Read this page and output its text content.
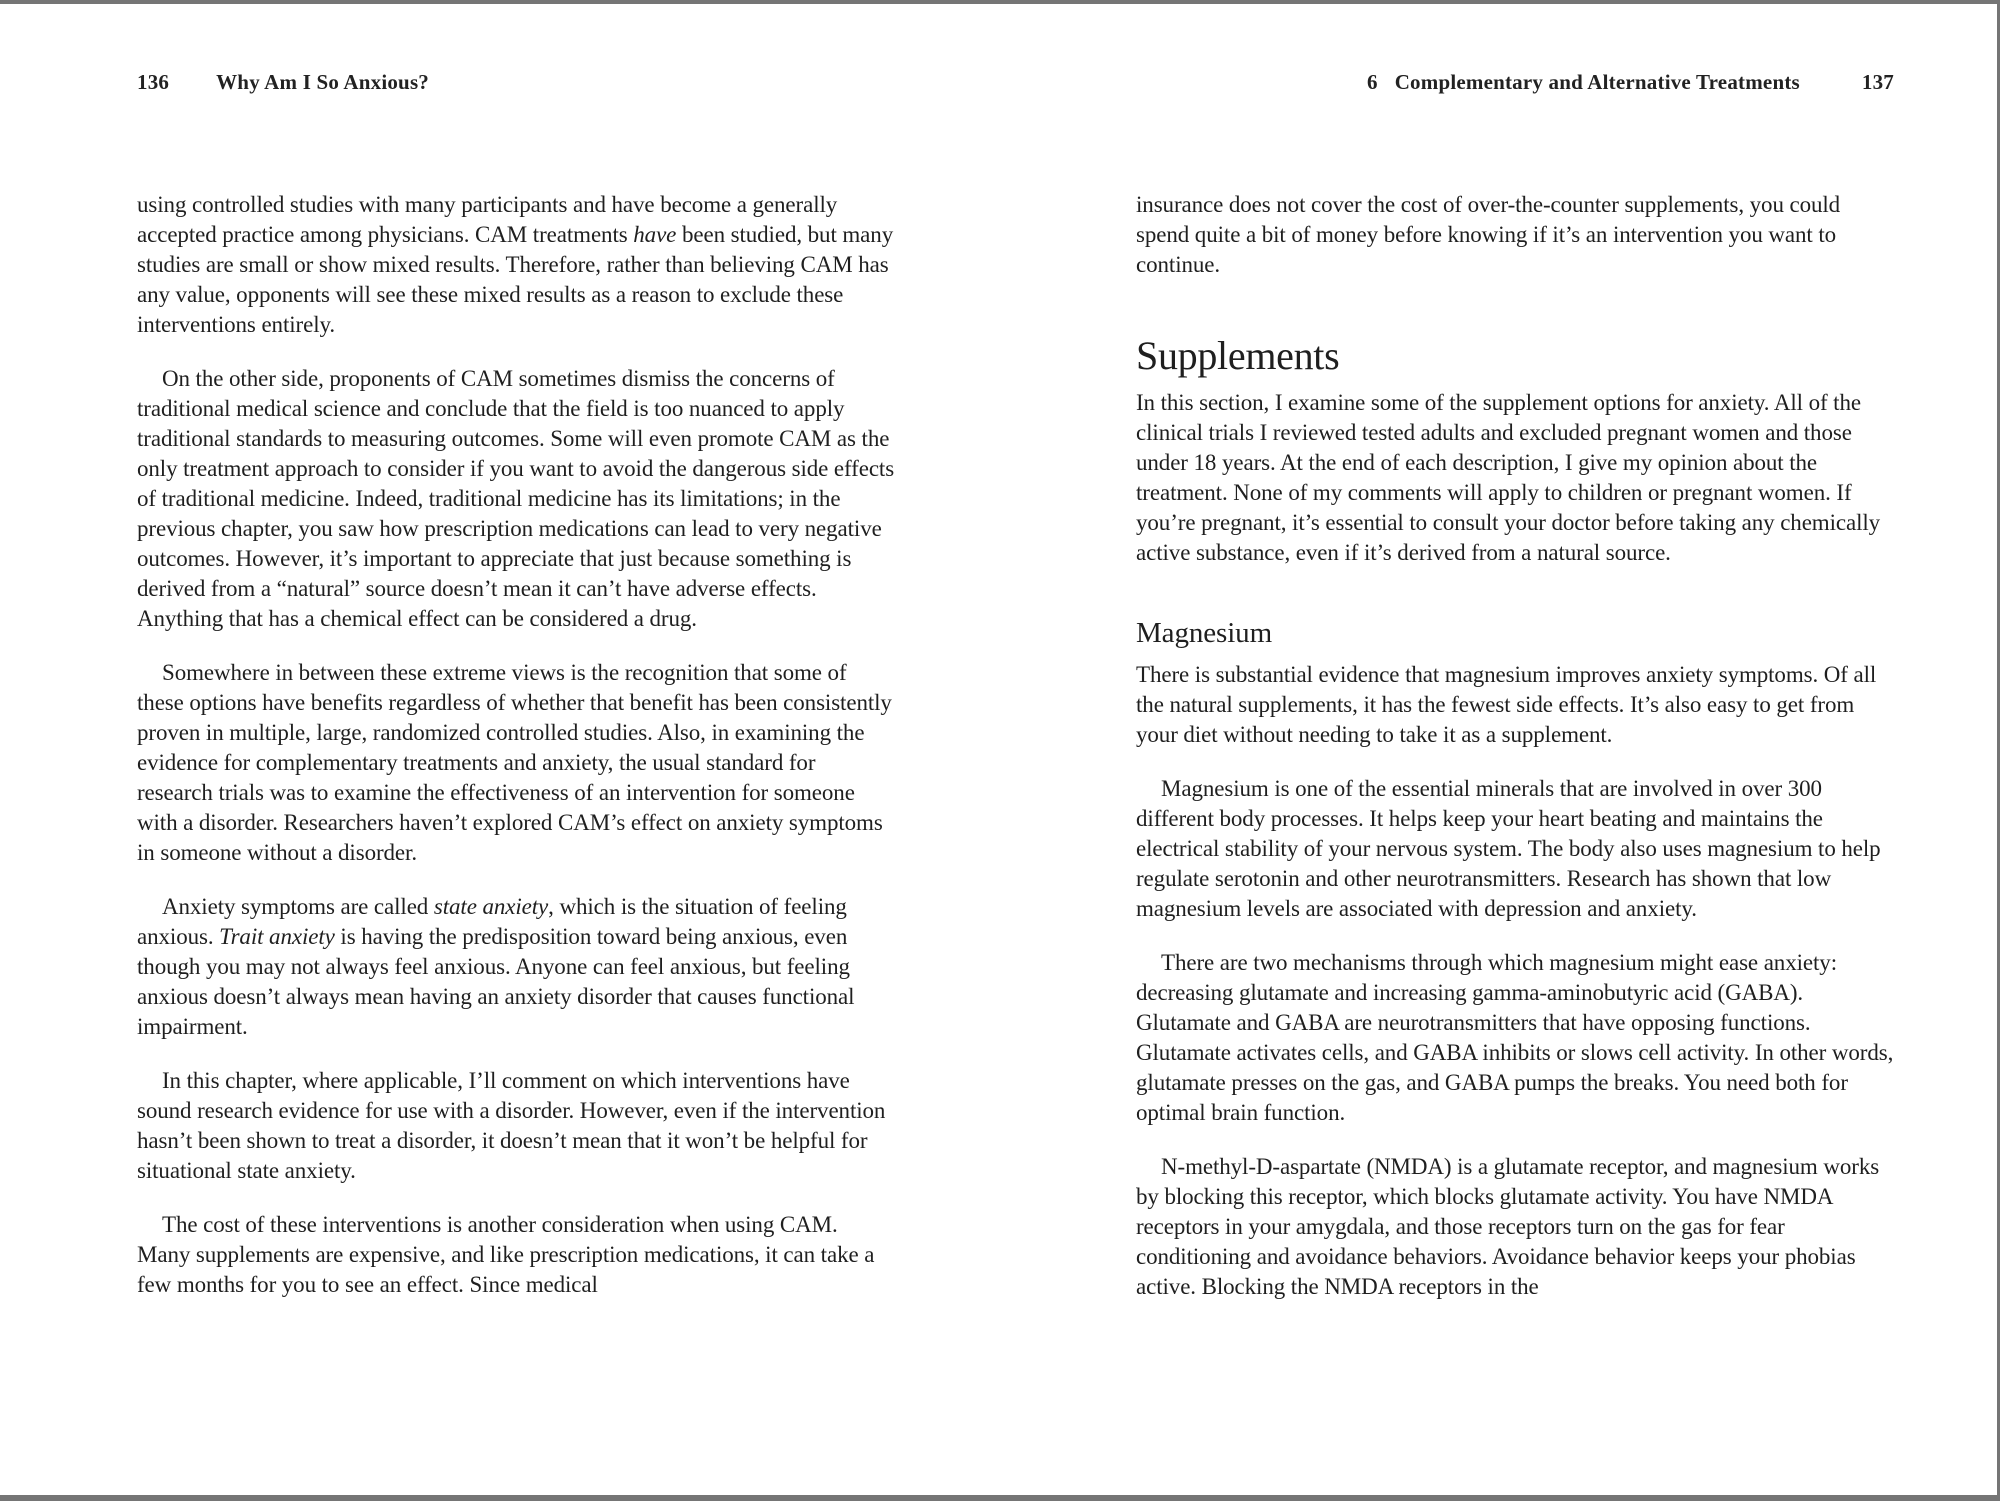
136 Why Am I So Anxious?

using controlled studies with many participants and have become a generally accepted practice among physicians. CAM treatments have been studied, but many studies are small or show mixed results. Therefore, rather than believing CAM has any value, opponents will see these mixed results as a reason to exclude these interventions entirely.

On the other side, proponents of CAM sometimes dismiss the concerns of traditional medical science and conclude that the field is too nuanced to apply traditional standards to measuring outcomes. Some will even promote CAM as the only treatment approach to consider if you want to avoid the dangerous side effects of traditional medicine. Indeed, traditional medicine has its limitations; in the previous chapter, you saw how prescription medications can lead to very negative outcomes. However, it’s important to appreciate that just because something is derived from a “natural” source doesn’t mean it can’t have adverse effects. Anything that has a chemical effect can be considered a drug.

Somewhere in between these extreme views is the recognition that some of these options have benefits regardless of whether that benefit has been consistently proven in multiple, large, randomized controlled studies. Also, in examining the evidence for complementary treatments and anxiety, the usual standard for research trials was to examine the effectiveness of an intervention for someone with a disorder. Researchers haven’t explored CAM’s effect on anxiety symptoms in someone without a disorder.

Anxiety symptoms are called state anxiety, which is the situation of feeling anxious. Trait anxiety is having the predisposition toward being anxious, even though you may not always feel anxious. Anyone can feel anxious, but feeling anxious doesn’t always mean having an anxiety disorder that causes functional impairment.

In this chapter, where applicable, I’ll comment on which interventions have sound research evidence for use with a disorder. However, even if the intervention hasn’t been shown to treat a disorder, it doesn’t mean that it won’t be helpful for situational state anxiety.

The cost of these interventions is another consideration when using CAM. Many supplements are expensive, and like prescription medications, it can take a few months for you to see an effect. Since medical

6 Complementary and Alternative Treatments	137

insurance does not cover the cost of over-the-counter supplements, you could spend quite a bit of money before knowing if it’s an intervention you want to continue.

Supplements

In this section, I examine some of the supplement options for anxiety. All of the clinical trials I reviewed tested adults and excluded pregnant women and those under 18 years. At the end of each description, I give my opinion about the treatment. None of my comments will apply to children or pregnant women. If you’re pregnant, it’s essential to consult your doctor before taking any chemically active substance, even if it’s derived from a natural source.

Magnesium

There is substantial evidence that magnesium improves anxiety symptoms. Of all the natural supplements, it has the fewest side effects. It’s also easy to get from your diet without needing to take it as a supplement.

Magnesium is one of the essential minerals that are involved in over 300 different body processes. It helps keep your heart beating and maintains the electrical stability of your nervous system. The body also uses magnesium to help regulate serotonin and other neurotransmitters. Research has shown that low magnesium levels are associated with depression and anxiety.

There are two mechanisms through which magnesium might ease anxiety: decreasing glutamate and increasing gamma-aminobutyric acid (GABA). Glutamate and GABA are neurotransmitters that have opposing functions. Glutamate activates cells, and GABA inhibits or slows cell activity. In other words, glutamate presses on the gas, and GABA pumps the breaks. You need both for optimal brain function.

N-methyl-D-aspartate (NMDA) is a glutamate receptor, and magnesium works by blocking this receptor, which blocks glutamate activity. You have NMDA receptors in your amygdala, and those receptors turn on the gas for fear conditioning and avoidance behaviors. Avoidance behavior keeps your phobias active. Blocking the NMDA receptors in the
